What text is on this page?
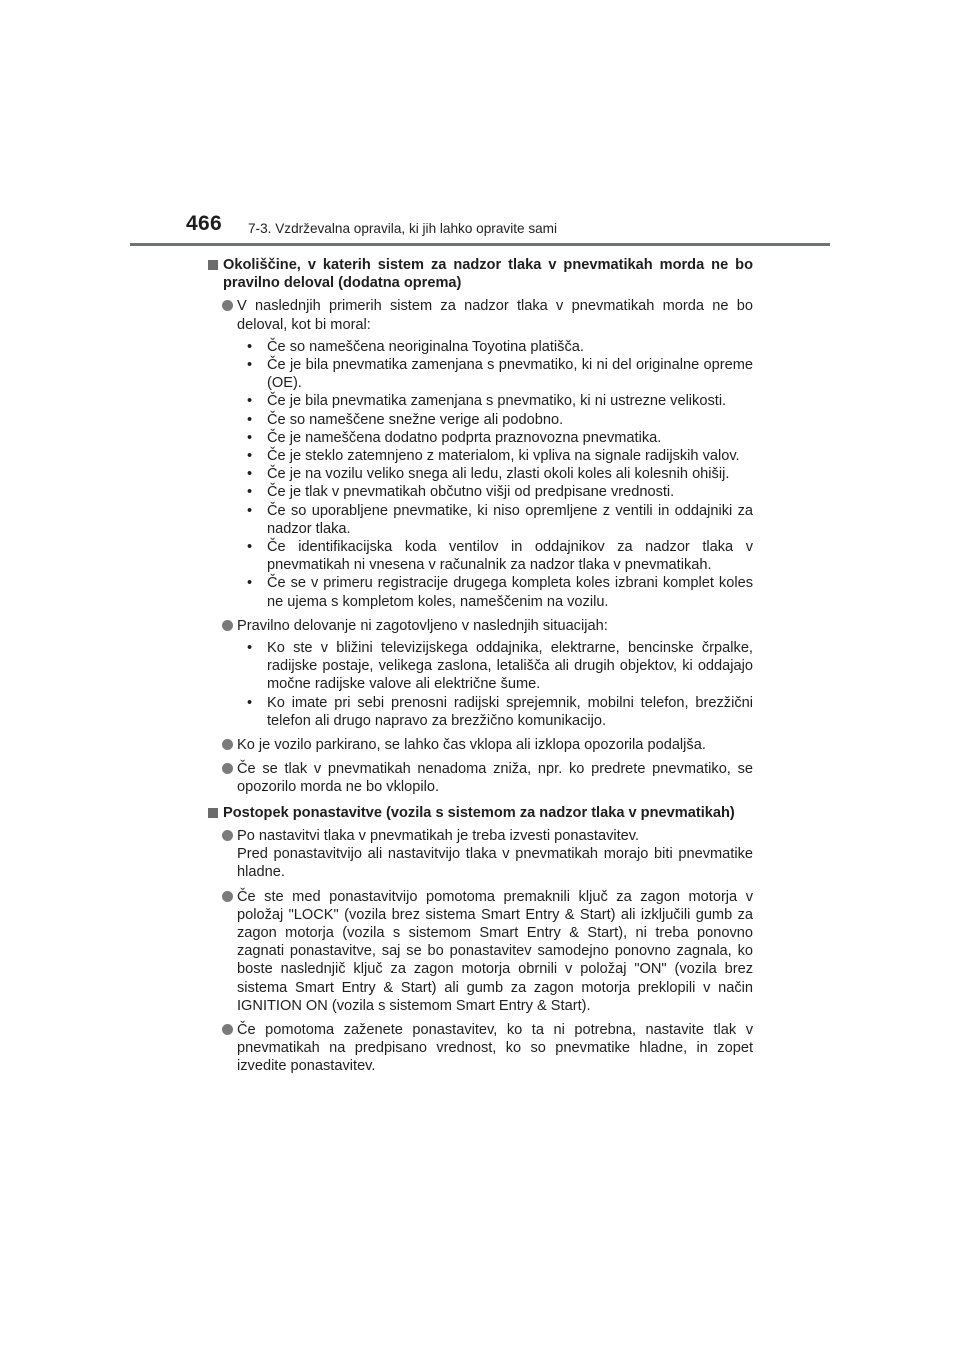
466 7-3. Vzdrževalna opravila, ki jih lahko opravite sami
Okoliščine, v katerih sistem za nadzor tlaka v pnevmatikah morda ne bo pravilno deloval (dodatna oprema)
V naslednjih primerih sistem za nadzor tlaka v pnevmatikah morda ne bo deloval, kot bi moral:
• Če so nameščena neoriginalna Toyotina platišča.
• Če je bila pnevmatika zamenjana s pnevmatiko, ki ni del originalne opreme (OE).
• Če je bila pnevmatika zamenjana s pnevmatiko, ki ni ustrezne velikosti.
• Če so nameščene snežne verige ali podobno.
• Če je nameščena dodatno podprta praznovozna pnevmatika.
• Če je steklo zatemnjeno z materialom, ki vpliva na signale radijskih valov.
• Če je na vozilu veliko snega ali ledu, zlasti okoli koles ali kolesnih ohišij.
• Če je tlak v pnevmatikah občutno višji od predpisane vrednosti.
• Če so uporabljene pnevmatike, ki niso opremljene z ventili in oddajniki za nadzor tlaka.
• Če identifikacijska koda ventilov in oddajnikov za nadzor tlaka v pnevmatikah ni vnesena v računalnik za nadzor tlaka v pnevmatikah.
• Če se v primeru registracije drugega kompleta koles izbrani komplet koles ne ujema s kompletom koles, nameščenim na vozilu.
Pravilno delovanje ni zagotovljeno v naslednjih situacijah:
• Ko ste v bližini televizijskega oddajnika, elektrarne, bencinske črpalke, radijske postaje, velikega zaslona, letališča ali drugih objektov, ki oddajajo močne radijske valove ali električne šume.
• Ko imate pri sebi prenosni radijski sprejemnik, mobilni telefon, brezžični telefon ali drugo napravo za brezžično komunikacijo.
Ko je vozilo parkirano, se lahko čas vklopa ali izklopa opozorila podaljša.
Če se tlak v pnevmatikah nenadoma zniža, npr. ko predrete pnevmatiko, se opozorilo morda ne bo vklopilo.
Postopek ponastavitve (vozila s sistemom za nadzor tlaka v pnevmatikah)
Po nastavitvi tlaka v pnevmatikah je treba izvesti ponastavitev.
Pred ponastavitvijo ali nastavitvijo tlaka v pnevmatikah morajo biti pnevmatike hladne.
Če ste med ponastavitvijo pomotoma premaknili ključ za zagon motorja v položaj "LOCK" (vozila brez sistema Smart Entry & Start) ali izključili gumb za zagon motorja (vozila s sistemom Smart Entry & Start), ni treba ponovno zagnati ponastavitve, saj se bo ponastavitev samodejno ponovno zagnala, ko boste naslednjič ključ za zagon motorja obrnili v položaj "ON" (vozila brez sistema Smart Entry & Start) ali gumb za zagon motorja preklopili v način IGNITION ON (vozila s sistemom Smart Entry & Start).
Če pomotoma zaženete ponastavitev, ko ta ni potrebna, nastavite tlak v pnevmatikah na predpisano vrednost, ko so pnevmatike hladne, in zopet izvedite ponastavitev.
